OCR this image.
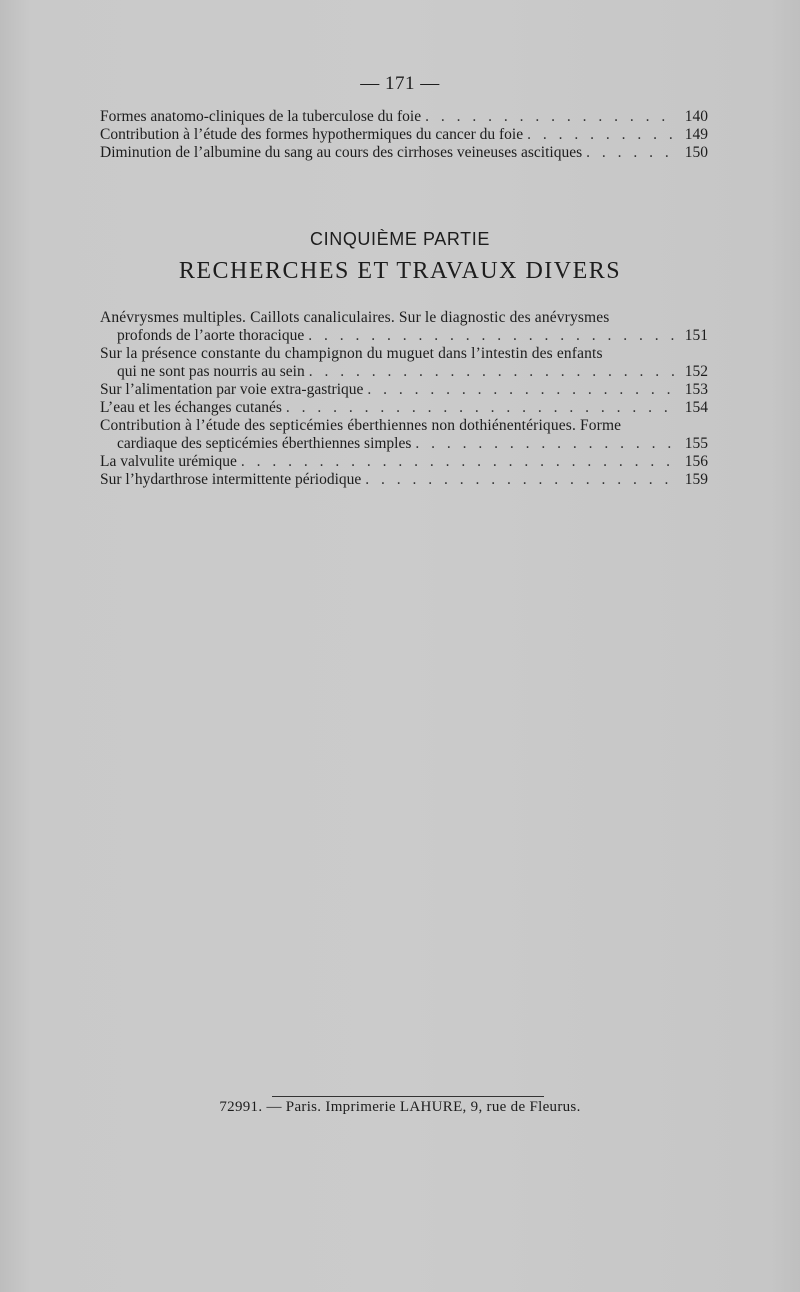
— 171 —
Formes anatomo-cliniques de la tuberculose du foie . . .	140
Contribution à l’étude des formes hypothermiques du cancer du foie . . .	149
Diminution de l’albumine du sang au cours des cirrhoses veineuses ascitiques . . .	150
CINQUIÈME PARTIE
RECHERCHES ET TRAVAUX DIVERS
Anévrysmes multiples. Caillots canaliculaires. Sur le diagnostic des anévrysmes
profonds de l’aorte thoracique . . .	151
Sur la présence constante du champignon du muguet dans l’intestin des enfants
qui ne sont pas nourris au sein . . .	152
Sur l’alimentation par voie extra-gastrique . . .	153
L’eau et les échanges cutanés . . .	154
Contribution à l’étude des septicémies éberthiennes non dothiénentériques. Forme
cardiaque des septicémies éberthiennes simples . . .	155
La valvulite urémique . . .	156
Sur l’hydarthrose intermittente périodique . . .	159
72991. — Paris. Imprimerie LAHURE, 9, rue de Fleurus.
